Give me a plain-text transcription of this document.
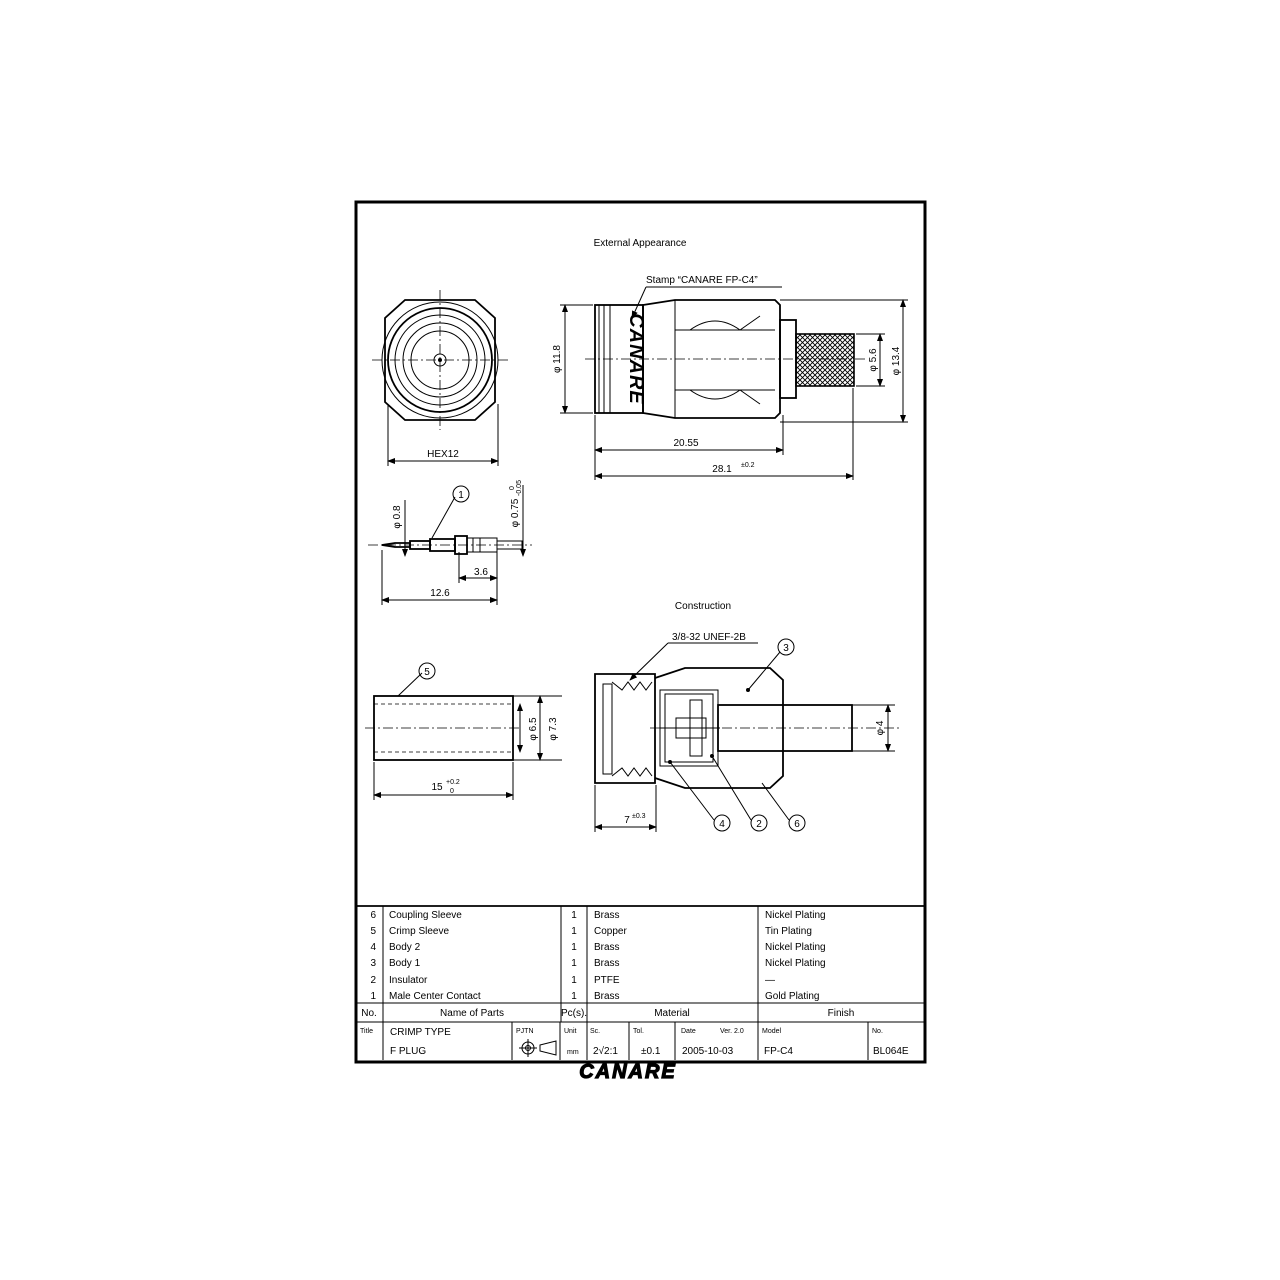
External Appearance
HEX12
CANARE
Stamp “CANARE FP-C4”
φ 11.8	φ 5.6 φ 13.4
20.55
28.1 ±0.2
φ 0.8	φ 0.75
0 -0.05
1
3.6
12.6
Construction
φ 6.5 φ 7.3
15 +0.2
0
5
3/8-32 UNEF-2B
φ 4
7 ±0.3
3
4	2	6
6 Coupling Sleeve	1 Brass	Nickel Plating
5 Crimp Sleeve	1 Copper	Tin Plating
4 Body 2	1 Brass	Nickel Plating
3 Body 1	1 Brass	Nickel Plating
2 Insulator	1 PTFE	—
1 Male Center Contact	1 Brass	Gold Plating
No.	Name of Parts	Pc(s).	Material	Finish
Title CRIMP TYPE
F PLUG
PJTN	Unit
mm
Sc.
2√2:1
Tol.
±0.1
Date	Ver. 2.0
2005-10-03
Model
FP-C4
No.
BL064E
CANARE
